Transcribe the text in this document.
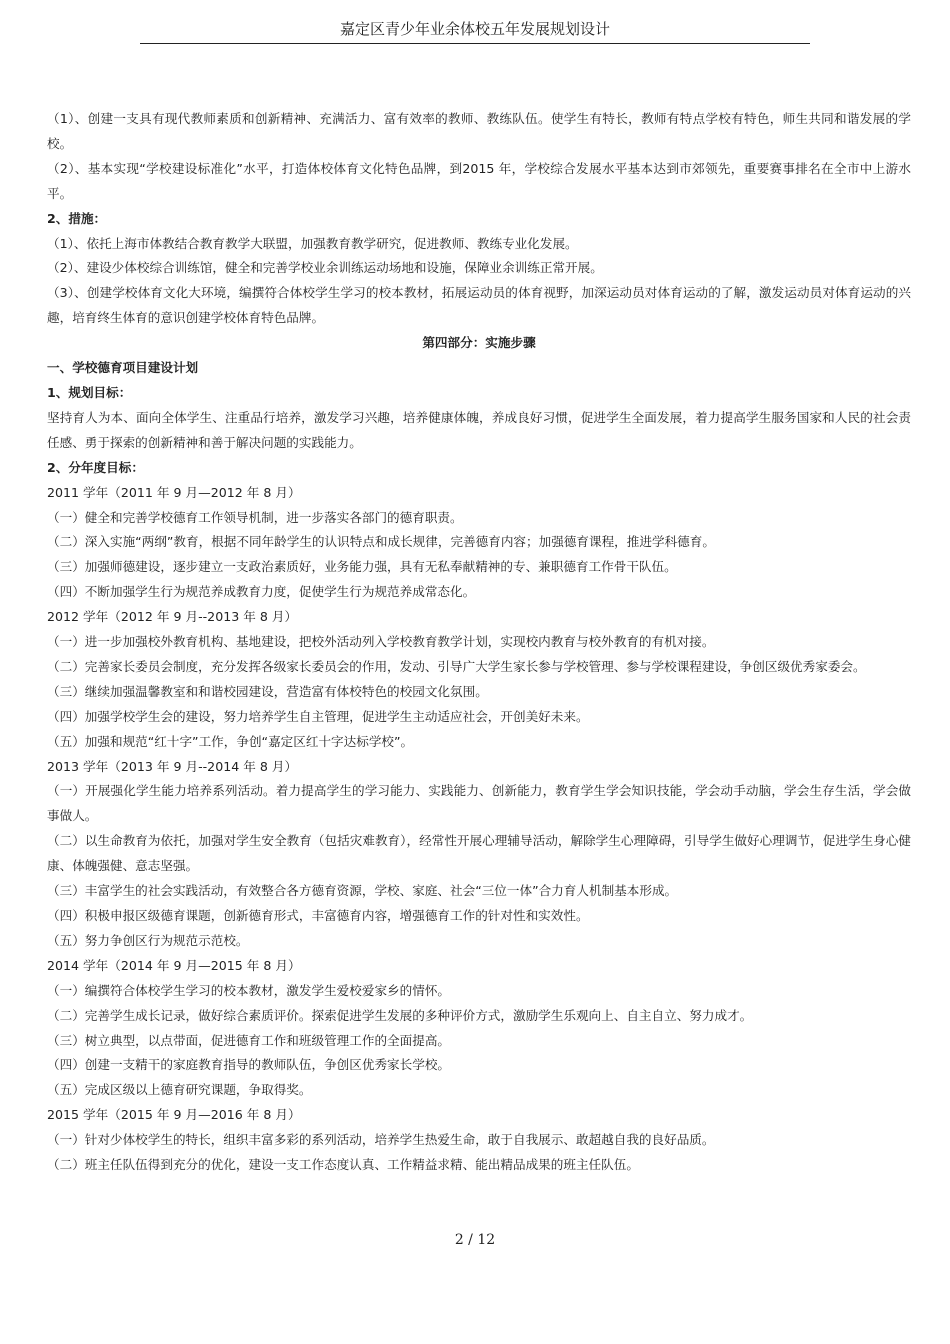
嘉定区青少年业余体校五年发展规划设计

（1）、创建一支具有现代教师素质和创新精神、充满活力、富有效率的教师、教练队伍。使学生有特长，教师有特点学校有特色，师生共同和谐发展的学校。

（2）、基本实现“学校建设标准化”水平，打造体校体育文化特色品牌，到2015 年，学校综合发展水平基本达到市郊领先，重要赛事排名在全市中上游水平。

2、措施：

（1）、依托上海市体教结合教育教学大联盟，加强教育教学研究，促进教师、教练专业化发展。

（2）、建设少体校综合训练馆，健全和完善学校业余训练运动场地和设施，保障业余训练正常开展。

（3）、创建学校体育文化大环境，编撰符合体校学生学习的校本教材，拓展运动员的体育视野，加深运动员对体育运动的了解，激发运动员对体育运动的兴趣，培育终生体育的意识创建学校体育特色品牌。

第四部分：实施步骤

一、学校德育项目建设计划

1、规划目标：

坚持育人为本、面向全体学生、注重品行培养，激发学习兴趣，培养健康体魄，养成良好习惯，促进学生全面发展，着力提高学生服务国家和人民的社会责任感、勇于探索的创新精神和善于解决问题的实践能力。

2、分年度目标：

2011 学年（2011 年 9 月—2012 年 8 月）

（一）健全和完善学校德育工作领导机制，进一步落实各部门的德育职责。

（二）深入实施“两纲”教育，根据不同年龄学生的认识特点和成长规律，完善德育内容；加强德育课程，推进学科德育。

（三）加强师德建设，逐步建立一支政治素质好，业务能力强，具有无私奉献精神的专、兼职德育工作骨干队伍。

（四）不断加强学生行为规范养成教育力度，促使学生行为规范养成常态化。

2012 学年（2012 年 9 月--2013 年 8 月）

（一）进一步加强校外教育机构、基地建设，把校外活动列入学校教育教学计划，实现校内教育与校外教育的有机对接。

（二）完善家长委员会制度，充分发挥各级家长委员会的作用，发动、引导广大学生家长参与学校管理、参与学校课程建设，争创区级优秀家委会。

（三）继续加强温馨教室和和谐校园建设，营造富有体校特色的校园文化氛围。

（四）加强学校学生会的建设，努力培养学生自主管理，促进学生主动适应社会，开创美好未来。

（五）加强和规范“红十字”工作，争创“嘉定区红十字达标学校”。

2013 学年（2013 年 9 月--2014 年 8 月）

（一）开展强化学生能力培养系列活动。着力提高学生的学习能力、实践能力、创新能力，教育学生学会知识技能，学会动手动脑，学会生存生活，学会做事做人。

（二）以生命教育为依托，加强对学生安全教育（包括灾难教育），经常性开展心理辅导活动，解除学生心理障碍，引导学生做好心理调节，促进学生身心健康、体魄强健、意志坚强。

（三）丰富学生的社会实践活动，有效整合各方德育资源，学校、家庭、社会“三位一体”合力育人机制基本形成。

（四）积极申报区级德育课题，创新德育形式，丰富德育内容，增强德育工作的针对性和实效性。

（五）努力争创区行为规范示范校。

2014 学年（2014 年 9 月—2015 年 8 月）

（一）编撰符合体校学生学习的校本教材，激发学生爱校爱家乡的情怀。

（二）完善学生成长记录，做好综合素质评价。探索促进学生发展的多种评价方式，激励学生乐观向上、自主自立、努力成才。

（三）树立典型，以点带面，促进德育工作和班级管理工作的全面提高。

（四）创建一支精干的家庭教育指导的教师队伍，争创区优秀家长学校。

（五）完成区级以上德育研究课题，争取得奖。

2015 学年（2015 年 9 月—2016 年 8 月）

（一）针对少体校学生的特长，组织丰富多彩的系列活动，培养学生热爱生命，敢于自我展示、敢超越自我的良好品质。

（二）班主任队伍得到充分的优化，建设一支工作态度认真、工作精益求精、能出精品成果的班主任队伍。

2 / 12
